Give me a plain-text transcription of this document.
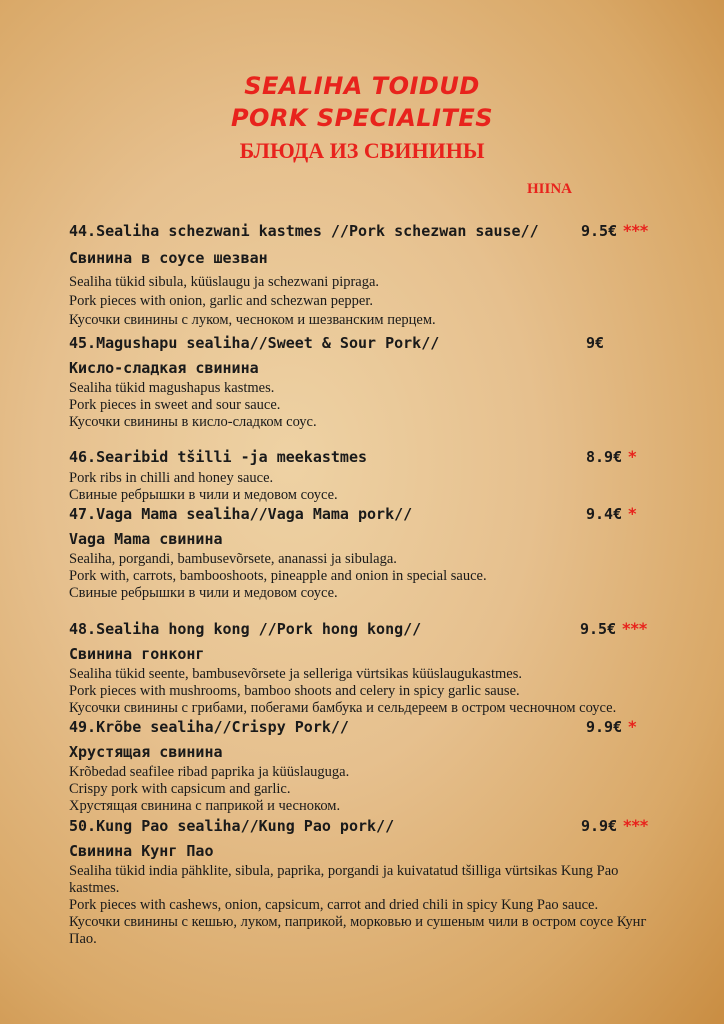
SEALIHA TOIDUD
PORK SPECIALITES
БЛЮДА ИЗ СВИНИНЫ
HIINA
44.Sealiha schezwani kastmes //Pork schezwan sause//	9.5€ ***
Свинина в соусе шезван
Sealiha tükid sibula, küüslaugu ja schezwani pipraga.
Pork pieces with onion, garlic and schezwan pepper.
Кусочки свинины с луком, чесноком и шезванским перцем.
45.Magushapu sealiha//Sweet & Sour Pork//	9€
Кисло-сладкая свинина
Sealiha tükid magushapus kastmes.
Pork pieces in sweet and sour sauce.
Кусочки свинины в кисло-сладком соус.
46.Searibid tšilli -ja meekastmes	8.9€ *
Pork ribs in chilli and honey sauce.
Свиные ребрышки в чили и медовом соусе.
47.Vaga Mama sealiha//Vaga Mama pork//	9.4€ *
Vaga Mama свинина
Sealiha, porgandi, bambusevõrsete, ananassi ja sibulaga.
Pork with, carrots, bambooshoots, pineapple and onion in special sauce.
Свиные ребрышки в чили и медовом соусе.
48.Sealiha hong kong //Pork hong kong//	9.5€ ***
Свинина гонконг
Sealiha tükid seente, bambusevõrsete ja selleriga vürtsikas küüslaugukastmes.
Pork pieces with mushrooms, bamboo shoots and celery in spicy garlic sause.
Кусочки свинины с грибами, побегами бамбука и сельдереем в остром чесночном соусе.
49.Krõbe sealiha//Crispy Pork//	9.9€ *
Хрустящая свинина
Krõbedad seafilee ribad paprika ja küüslauguga.
Crispy pork with capsicum and garlic.
Хрустящая свинина с паприкой и чесноком.
50.Kung Pao sealiha//Kung Pao pork//	9.9€ ***
Свинина Кунг Пао
Sealiha tükid india pähklite, sibula, paprika, porgandi ja kuivatatud tšilliga vürtsikas Kung Pao kastmes.
Pork pieces with cashews, onion, capsicum, carrot and dried chili in spicy Kung Pao sauce.
Кусочки свинины с кешью, луком, паприкой, морковью и сушеным чили в остром соусе Кунг Пао.
